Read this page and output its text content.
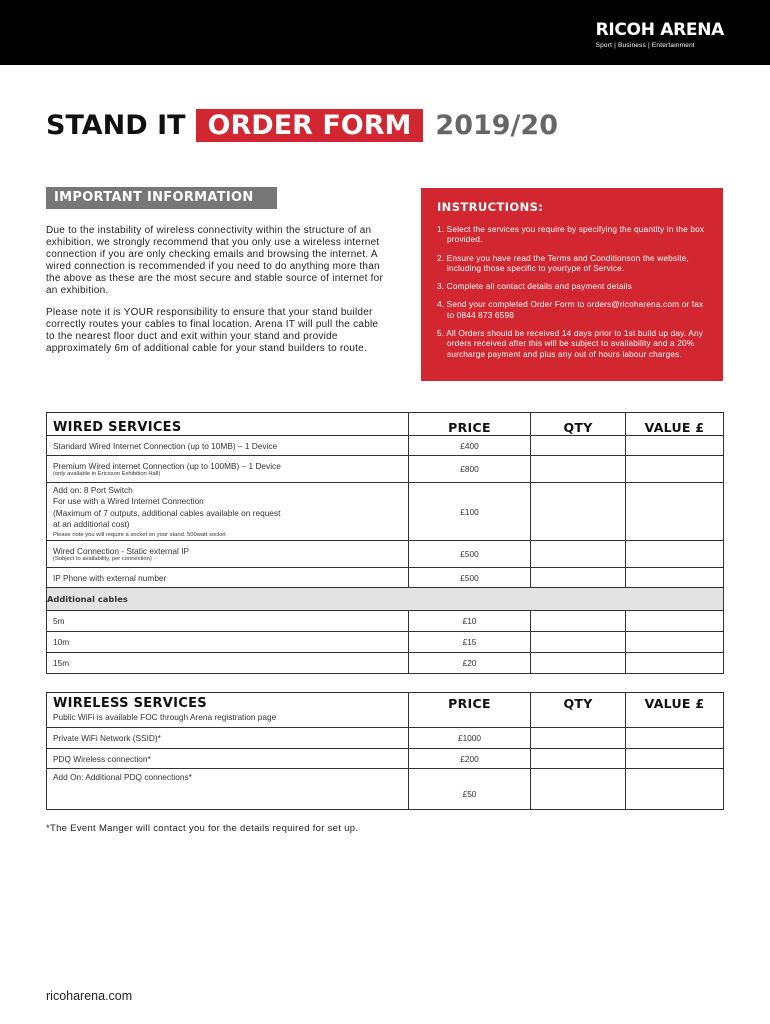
RICOH ARENA
Sport | Business | Entertainment
STAND IT ORDER FORM 2019/20
IMPORTANT INFORMATION
Due to the instability of wireless connectivity within the structure of an exhibition, we strongly recommend that you only use a wireless internet connection if you are only checking emails and browsing the internet. A wired connection is recommended if you need to do anything more than the above as these are the most secure and stable source of internet for an exhibition.
Please note it is YOUR responsibility to ensure that your stand builder correctly routes your cables to final location. Arena IT will pull the cable to the nearest floor duct and exit within your stand and provide approximately 6m of additional cable for your stand builders to route.
INSTRUCTIONS:
1. Select the services you require by specifying the quantity in the box provided.
2. Ensure you have read the Terms and Conditionson the website, including those specific to yourtype of Service.
3. Complete all contact details and payment details
4. Send your completed Order Form to orders@ricoharena.com or fax to 0844 873 6598
5. All Orders should be received 14 days prior to 1st build up day. Any orders received after this will be subject to availability and a 20% surcharge payment and plus any out of hours labour charges.
WIRED SERVICES	PRICE	QTY	VALUE £

Standard Wired Internet Connection (up to 10MB) – 1 Device	£400		

Premium Wired internet Connection (up to 100MB) – 1 Device
(only available in Ericsson Exhibition Hall)	£800		

Add on: 8 Port Switch
For use with a Wired Internet Connection
(Maximum of 7 outputs, additional cables available on request
at an additional cost)
Please note you will require a socket on your stand. 500watt socket	£100		

Wired Connection - Static external IP
(Subject to availability, per connection)	£500		

IP Phone with external number	£500		
Additional cables			
5m	£10		
10m	£15		
15m	£20		
WIRELESS SERVICES
Public WiFi is available FOC through Arena registration page	PRICE	QTY	VALUE £
Private WiFi Network (SSID)*	£1000		
PDQ Wireless connection*	£200		
Add On: Additional PDQ connections*	£50		
*The Event Manger will contact you for the details required for set up.
ricoharena.com
